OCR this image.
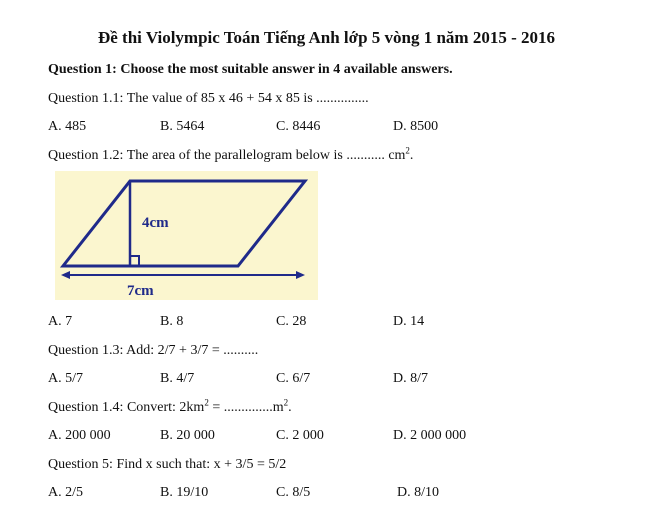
Đề thi Violympic Toán Tiếng Anh lớp 5 vòng 1 năm 2015 - 2016
Question 1: Choose the most suitable answer in 4 available answers.
Question 1.1: The value of 85 x 46 + 54 x 85 is ...............
A. 485	B. 5464	C. 8446	D. 8500
Question 1.2: The area of the parallelogram below is ........... $cm^2$.
4cm
7cm
A. 7	B. 8	C. 28	D. 14
Question 1.3: Add: 2/7 + 3/7 = ..........
A. 5/7	B. 4/7	C. 6/7	D. 8/7
Question 1.4: Convert: $2km^2 = ..............m^2$.
A. 200 000	B. 20 000	C. 2 000	D. 2 000 000
Question 5: Find x such that: x + 3/5 = 5/2
A. 2/5	B. 19/10	C. 8/5	D. 8/10
